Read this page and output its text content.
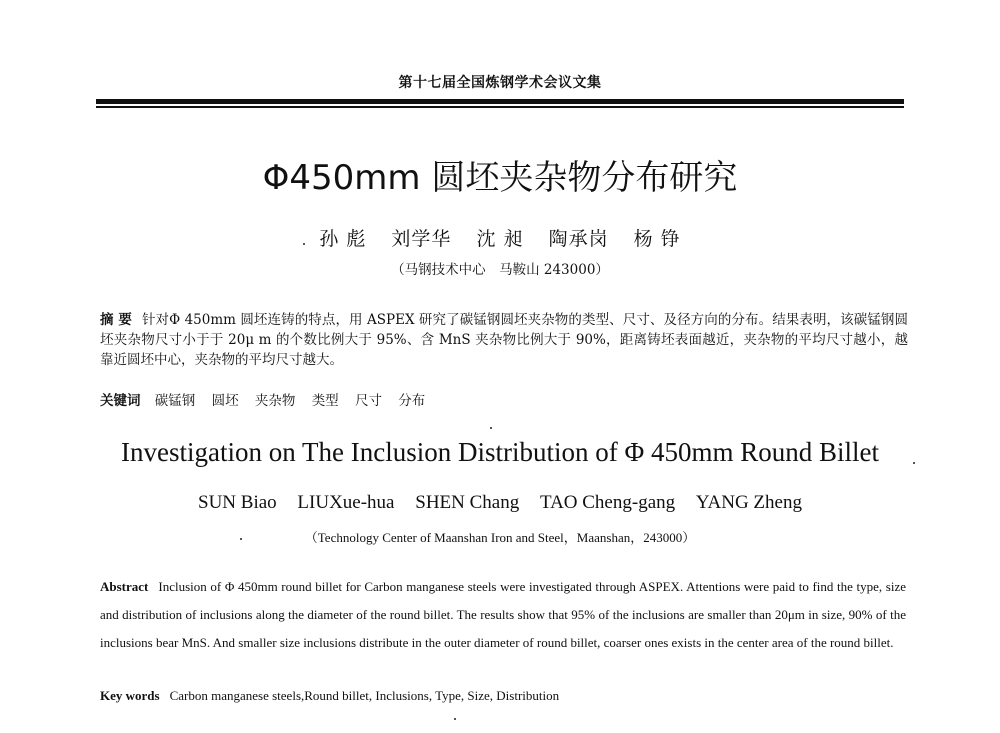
第十七届全国炼钢学术会议文集
Φ450mm 圆坯夹杂物分布研究
孙 彪 刘学华 沈 昶 陶承岗 杨 铮
（马钢技术中心　马鞍山 243000）
摘 要 针对Φ 450mm 圆坯连铸的特点，用 ASPEX 研究了碳锰钢圆坯夹杂物的类型、尺寸、及径方向的分布。结果表明，该碳锰钢圆坯夹杂物尺寸小于于 20μ m 的个数比例大于 95%、含 MnS 夹杂物比例大于 90%，距离铸坯表面越近，夹杂物的平均尺寸越小，越靠近圆坯中心，夹杂物的平均尺寸越大。
关键词 碳锰钢 圆坯 夹杂物 类型 尺寸 分布
Investigation on The Inclusion Distribution of Φ 450mm Round Billet
SUN Biao LIUXue-hua SHEN Chang TAO Cheng-gang YANG Zheng
（Technology Center of Maanshan Iron and Steel，Maanshan，243000）
Abstract Inclusion of Φ 450mm round billet for Carbon manganese steels were investigated through ASPEX. Attentions were paid to find the type, size and distribution of inclusions along the diameter of the round billet. The results show that 95% of the inclusions are smaller than 20μm in size, 90% of the inclusions bear MnS. And smaller size inclusions distribute in the outer diameter of round billet, coarser ones exists in the center area of the round billet.
Key words Carbon manganese steels,Round billet, Inclusions, Type, Size, Distribution
